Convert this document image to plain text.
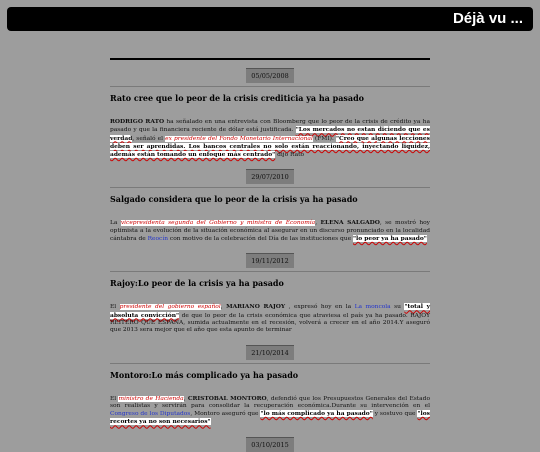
Déjà vu ...
05/05/2008
Rato cree que lo peor de la crisis crediticia ya ha pasado

RODRIGO RATO ha señalado en una entrevista con Bloomberg que lo peor de la crisis de crédito ya ha pasado y que la financiera reciente de dólar está justificada. "Los mercados no estan diciendo que es verdad, señaló el ex presidente del Fondo Monetario Internacional (FMI). "Creo que algunas lecciones deben ser aprendidas. Los bancos centrales no solo están reaccionando, inyectando liquidez, además están tomando un enfoque más centrado" dijo Rato

29/07/2010
Salgado considera que lo peor de la crisis ya ha pasado

La vicepresidenta segunda del Gobierno y ministra de Economía, ELENA SALGADO, se mostró hoy optimista a la evolución de la situación económica al asegurar en un discurso pronunciado en la localidad cántabra de Reocín con motivo de la celebración del Día de las instituciones que "lo peor ya ha pasado"

19/11/2012
Rajoy:Lo peor de la crisis ya ha pasado

El presidente del gobierno español, MARIANO RAJOY , expresó hoy en la La moncola su "total y absoluta convicción" de que lo peor de la crisis económica que atraviesa el país ya ha pasado. RAJOY REITERO QUE ESPAÑA, sumida actualmente en el recesión, volverá a crecer en el año 2014.Y aseguró que 2013 sera mejor que el año que esta apunto de terminar

21/10/2014
Montoro:Lo más complicado ya ha pasado

El ministro de Hacienda, CRISTOBAL MONTORO, defendió que los Presupuestos Generales del Estado son realistas y servirán para consolidar la recuperación económica.Durante su intervención en el Congreso de los Diputados, Montoro aseguró que "lo más complicado ya ha pasado" y sostuvo que "los recortes ya no son necesarios"

03/10/2015
